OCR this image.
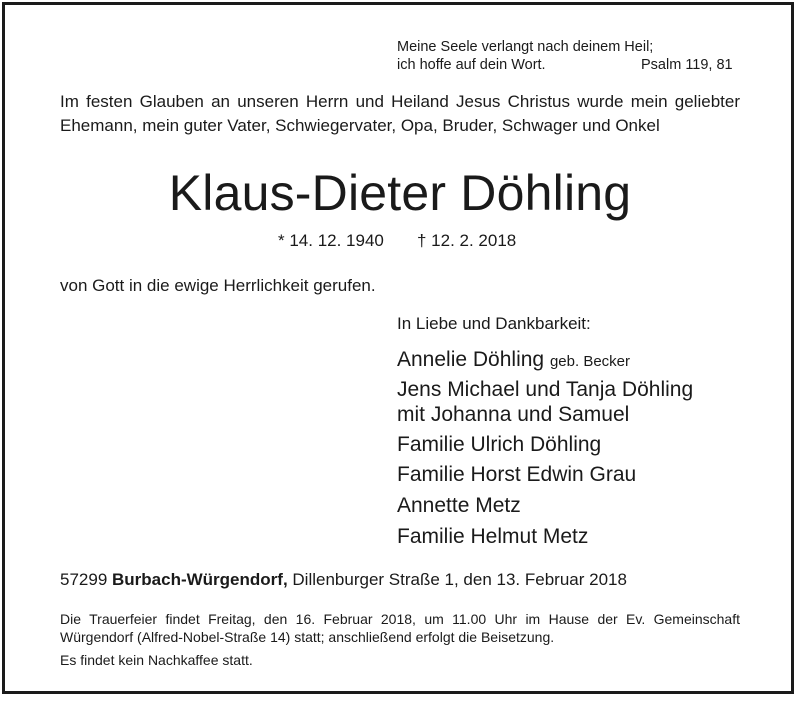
Meine Seele verlangt nach deinem Heil;
ich hoffe auf dein Wort.	Psalm 119, 81
Im festen Glauben an unseren Herrn und Heiland Jesus Christus wurde mein geliebter Ehemann, mein guter Vater, Schwiegervater, Opa, Bruder, Schwager und Onkel
Klaus-Dieter Döhling
* 14. 12. 1940 † 12. 2. 2018
von Gott in die ewige Herrlichkeit gerufen.
In Liebe und Dankbarkeit:
Annelie Döhling geb. Becker
Jens Michael und Tanja Döhling
mit Johanna und Samuel
Familie Ulrich Döhling
Familie Horst Edwin Grau
Annette Metz
Familie Helmut Metz
57299 Burbach-Würgendorf, Dillenburger Straße 1, den 13. Februar 2018
Die Trauerfeier findet Freitag, den 16. Februar 2018, um 11.00 Uhr im Hause der Ev. Gemeinschaft Würgendorf (Alfred-Nobel-Straße 14) statt; anschließend erfolgt die Beisetzung.
Es findet kein Nachkaffee statt.
